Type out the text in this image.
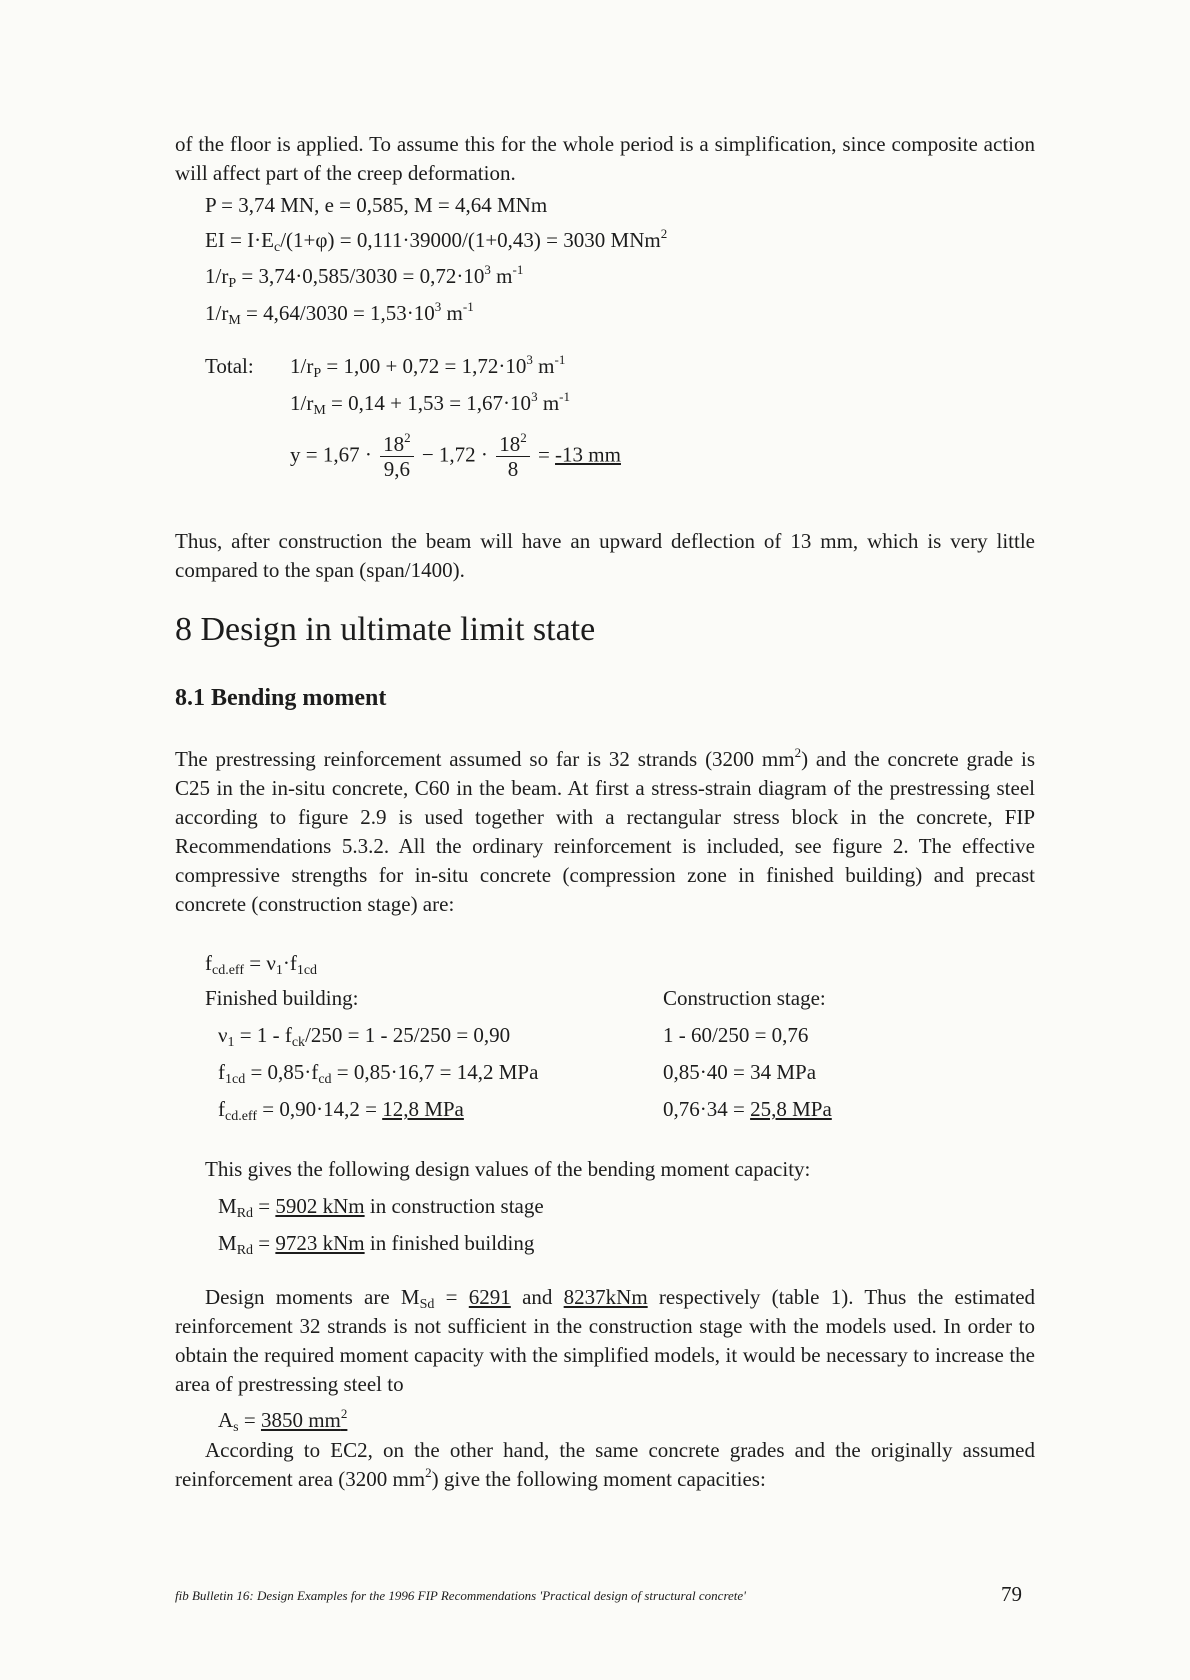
of the floor is applied. To assume this for the whole period is a simplification, since composite action will affect part of the creep deformation.

P = 3,74 MN, e = 0,585, M = 4,64 MNm
EI = $I\cdot E_c/(1+\varphi) = 0,111\cdot 39000/(1+0,43) = 3030$ MNm$^2$
$1/r_P = 3,74\cdot 0,585/3030 = 0,72\cdot 10^3$ $m^{-1}$
$1/r_M = 4,64/3030 = 1,53\cdot 10^3$ $m^{-1}$
Total: $1/r_P = 1,00 + 0,72 = 1,72\cdot 10^3$ $m^{-1}$
$1/r_M = 0,14 + 1,53 = 1,67\cdot 10^3$ $m^{-1}$
$y = 1,67 \cdot \frac{18^2}{9,6} - 1,72 \cdot \frac{18^2}{8} = -13$ mm

Thus, after construction the beam will have an upward deflection of 13 mm, which is very little compared to the span (span/1400).

8 Design in ultimate limit state
8.1 Bending moment

The prestressing reinforcement assumed so far is 32 strands (3200 $mm^2$) and the concrete grade is C25 in the in-situ concrete, C60 in the beam. At first a stress-strain diagram of the prestressing steel according to figure 2.9 is used together with a rectangular stress block in the concrete, FIP Recommendations 5.3.2. All the ordinary reinforcement is included, see figure 2. The effective compressive strengths for in-situ concrete (compression zone in finished building) and precast concrete (construction stage) are:

$f_{cd.eff} = \nu_1\cdot f_{1cd}$
Finished building:	Construction stage:
$\nu_1 = 1 - f_{ck}/250 = 1 - 25/250 = 0,90$	1 - 60/250 = 0,76
$f_{1cd} = 0,85\cdot f_{cd} = 0,85\cdot 16,7 = 14,2$ MPa	0,85·40 = 34 MPa
$f_{cd.eff} = 0,90\cdot 14,2 = 12,8$ MPa	0,76·34 = 25,8 MPa
This gives the following design values of the bending moment capacity:
$M_{Rd} = 5902$ kNm in construction stage
$M_{Rd} = 9723$ kNm in finished building

Design moments are $M_{Sd} = 6291$ and 8237kNm respectively (table 1). Thus the estimated reinforcement 32 strands is not sufficient in the construction stage with the models used. In order to obtain the required moment capacity with the simplified models, it would be necessary to increase the area of prestressing steel to

$A_s = 3850$ $mm^2$

According to EC2, on the other hand, the same concrete grades and the originally assumed reinforcement area (3200 $mm^2$) give the following moment capacities:

fib Bulletin 16: Design Examples for the 1996 FIP Recommendations 'Practical design of structural concrete'	79
